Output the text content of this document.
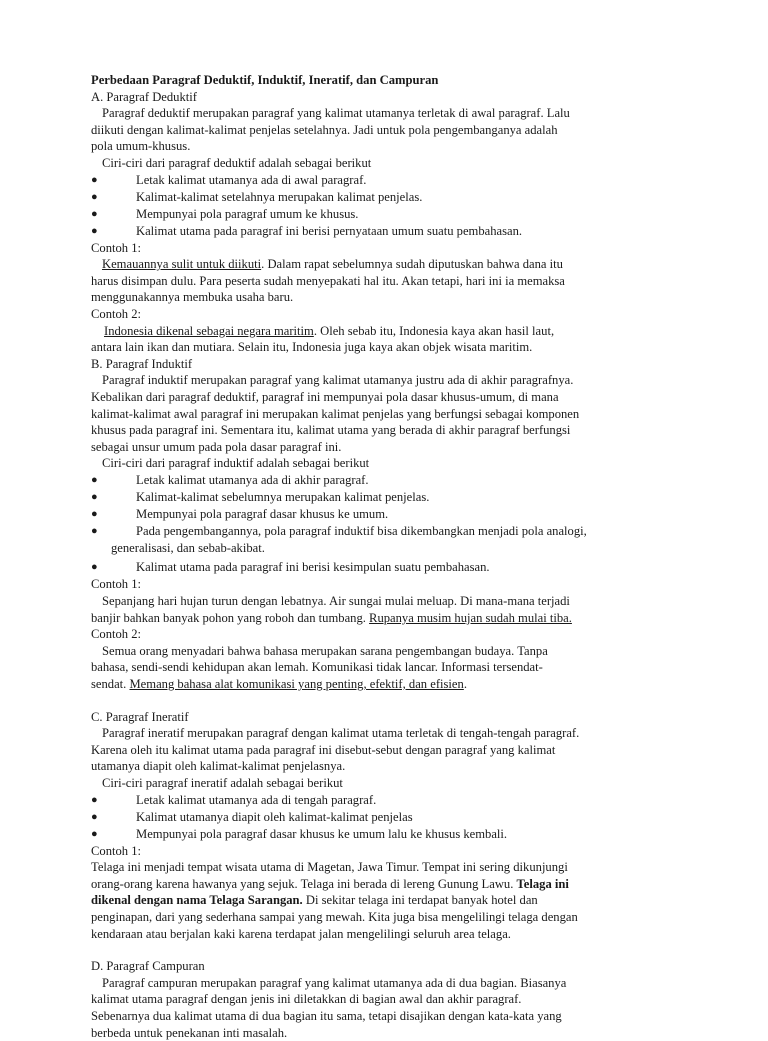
Perbedaan Paragraf Deduktif, Induktif, Ineratif, dan Campuran
A. Paragraf Deduktif
Paragraf deduktif merupakan paragraf yang kalimat utamanya terletak di awal paragraf. Lalu
diikuti dengan kalimat-kalimat penjelas setelahnya. Jadi untuk pola pengembanganya adalah
pola umum-khusus.
Ciri-ciri dari paragraf deduktif adalah sebagai berikut
●	Letak kalimat utamanya ada di awal paragraf.
●	Kalimat-kalimat setelahnya merupakan kalimat penjelas.
●	Mempunyai pola paragraf umum ke khusus.
●	Kalimat utama pada paragraf ini berisi pernyataan umum suatu pembahasan.
Contoh 1:
Kemauannya sulit untuk diikuti. Dalam rapat sebelumnya sudah diputuskan bahwa dana itu
harus disimpan dulu. Para peserta sudah menyepakati hal itu. Akan tetapi, hari ini ia memaksa
menggunakannya membuka usaha baru.
Contoh 2:
Indonesia dikenal sebagai negara maritim. Oleh sebab itu, Indonesia kaya akan hasil laut,
antara lain ikan dan mutiara. Selain itu, Indonesia juga kaya akan objek wisata maritim.
B. Paragraf Induktif
Paragraf induktif merupakan paragraf yang kalimat utamanya justru ada di akhir paragrafnya.
Kebalikan dari paragraf deduktif, paragraf ini mempunyai pola dasar khusus-umum, di mana
kalimat-kalimat awal paragraf ini merupakan kalimat penjelas yang berfungsi sebagai komponen
khusus pada paragraf ini. Sementara itu, kalimat utama yang berada di akhir paragraf berfungsi
sebagai unsur umum pada pola dasar paragraf ini.
Ciri-ciri dari paragraf induktif adalah sebagai berikut
●	Letak kalimat utamanya ada di akhir paragraf.
●	Kalimat-kalimat sebelumnya merupakan kalimat penjelas.
●	Mempunyai pola paragraf dasar khusus ke umum.
●	Pada pengembangannya, pola paragraf induktif bisa dikembangkan menjadi pola analogi,
generalisasi, dan sebab-akibat.
●	Kalimat utama pada paragraf ini berisi kesimpulan suatu pembahasan.
Contoh 1:
Sepanjang hari hujan turun dengan lebatnya. Air sungai mulai meluap. Di mana-mana terjadi
banjir bahkan banyak pohon yang roboh dan tumbang. Rupanya musim hujan sudah mulai tiba.
Contoh 2:
Semua orang menyadari bahwa bahasa merupakan sarana pengembangan budaya. Tanpa
bahasa, sendi-sendi kehidupan akan lemah. Komunikasi tidak lancar. Informasi tersendat-
sendat. Memang bahasa alat komunikasi yang penting, efektif, dan efisien.
C. Paragraf Ineratif
Paragraf ineratif merupakan paragraf dengan kalimat utama terletak di tengah-tengah paragraf.
Karena oleh itu kalimat utama pada paragraf ini disebut-sebut dengan paragraf yang kalimat
utamanya diapit oleh kalimat-kalimat penjelasnya.
Ciri-ciri paragraf ineratif adalah sebagai berikut
●	Letak kalimat utamanya ada di tengah paragraf.
●	Kalimat utamanya diapit oleh kalimat-kalimat penjelas
●	Mempunyai pola paragraf dasar khusus ke umum lalu ke khusus kembali.
Contoh 1:
Telaga ini menjadi tempat wisata utama di Magetan, Jawa Timur. Tempat ini sering dikunjungi
orang-orang karena hawanya yang sejuk. Telaga ini berada di lereng Gunung Lawu. Telaga ini
dikenal dengan nama Telaga Sarangan. Di sekitar telaga ini terdapat banyak hotel dan
penginapan, dari yang sederhana sampai yang mewah. Kita juga bisa mengelilingi telaga dengan
kendaraan atau berjalan kaki karena terdapat jalan mengelilingi seluruh area telaga.
D. Paragraf Campuran
Paragraf campuran merupakan paragraf yang kalimat utamanya ada di dua bagian. Biasanya
kalimat utama paragraf dengan jenis ini diletakkan di bagian awal dan akhir paragraf.
Sebenarnya dua kalimat utama di dua bagian itu sama, tetapi disajikan dengan kata-kata yang
berbeda untuk penekanan inti masalah.
